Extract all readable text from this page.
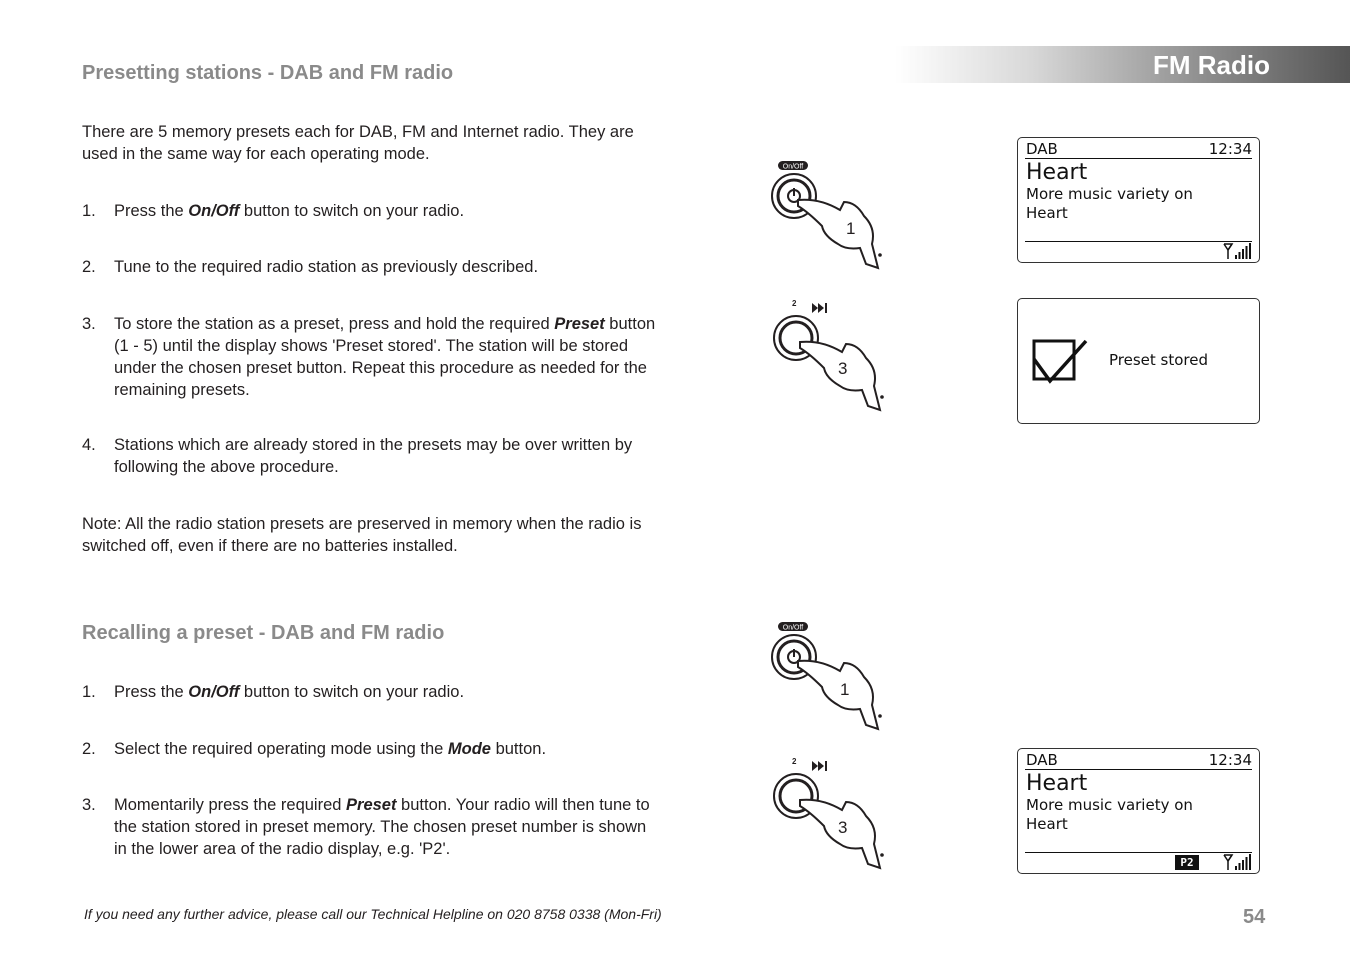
FM Radio
Presetting stations - DAB and FM radio
There are 5 memory presets each for DAB, FM and Internet radio. They are used in the same way for each operating mode.
1. Press the On/Off button to switch on your radio.
2. Tune to the required radio station as previously described.
3. To store the station as a preset, press and hold the required Preset button (1 - 5) until the display shows 'Preset stored'. The station will be stored under the chosen preset button. Repeat this procedure as needed for the remaining presets.
4. Stations which are already stored in the presets may be over written by following the above procedure.
Note: All the radio station presets are preserved in memory when the radio is switched off, even if there are no batteries installed.
Recalling a preset - DAB and FM radio
1. Press the On/Off button to switch on your radio.
2. Select the required operating mode using the Mode button.
3. Momentarily press the required Preset button. Your radio will then tune to the station stored in preset memory. The chosen preset number is shown in the lower area of the radio display, e.g. 'P2'.
On/Off
1
2
3
On/Off
1
2
3
DAB	12:34
Heart
More music variety on
Heart
Preset stored
DAB	12:34
Heart
More music variety on
Heart
P2
If you need any further advice, please call our Technical Helpline on 020 8758 0338 (Mon-Fri)	54
